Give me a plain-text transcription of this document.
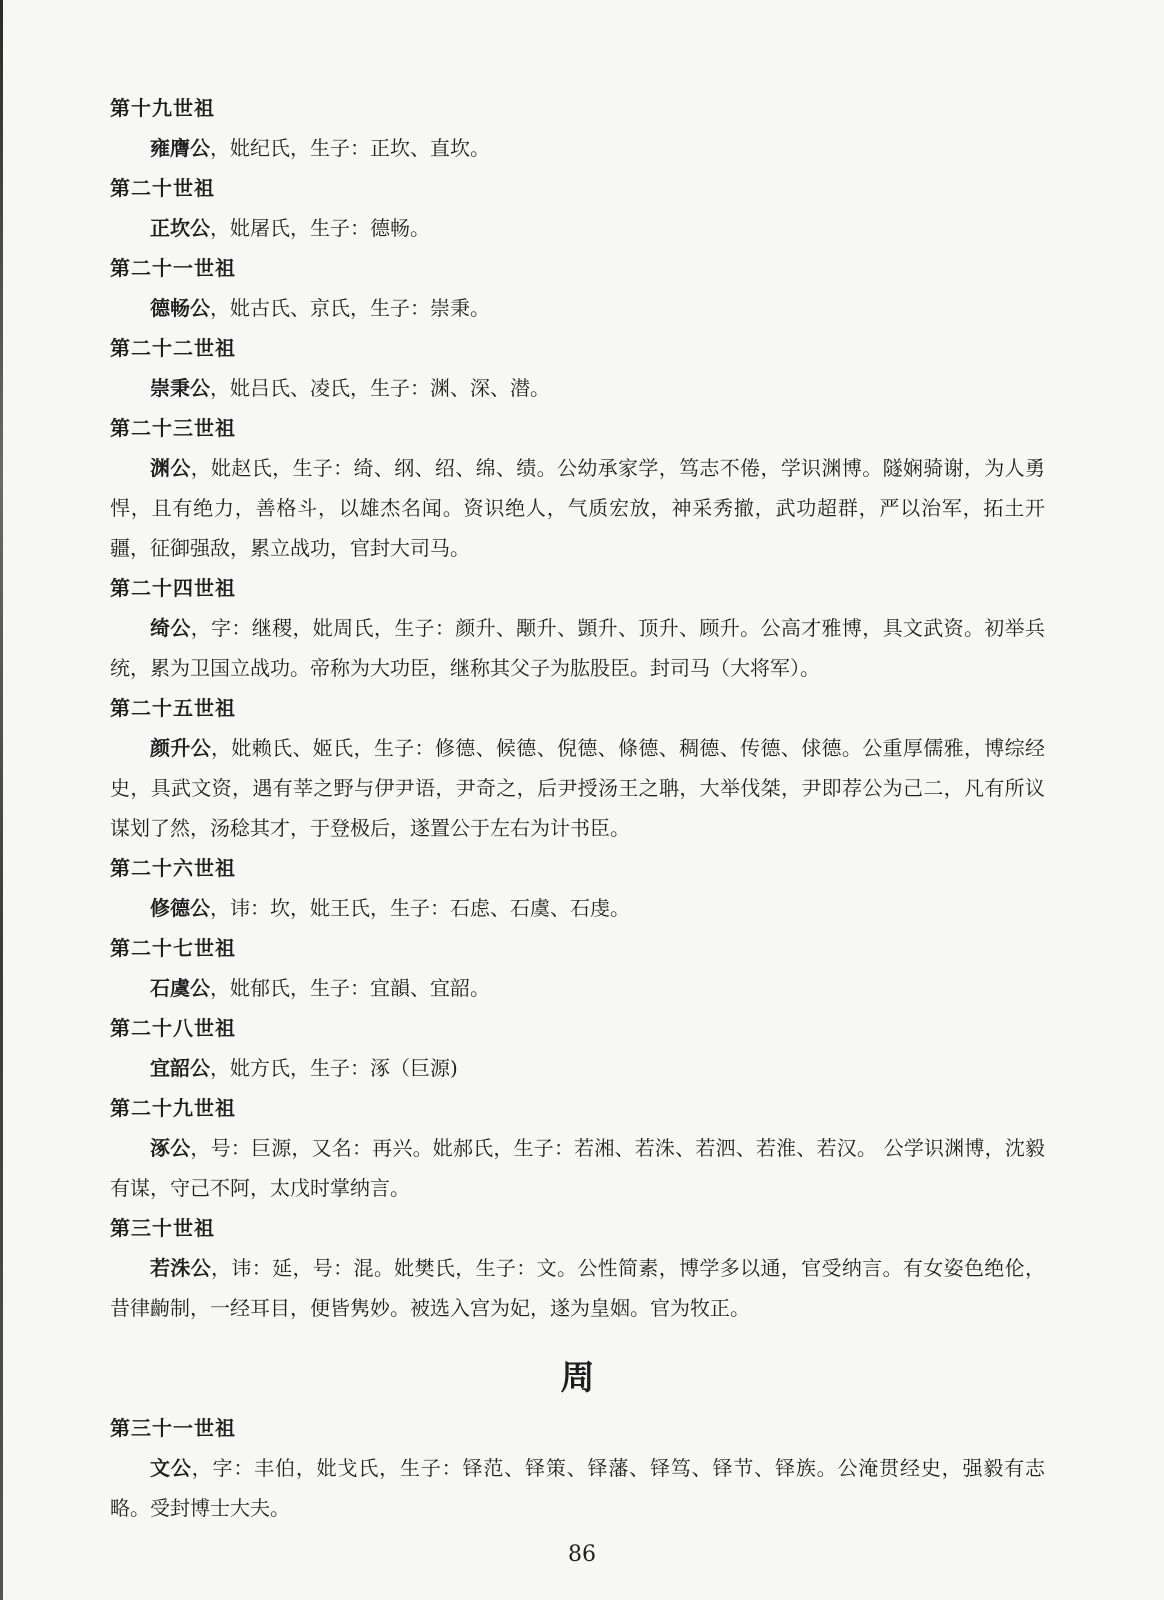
第十九世祖

雍膺公，妣纪氏，生子：正坎、直坎。

第二十世祖

正坎公，妣屠氏，生子：德畅。

第二十一世祖

德畅公，妣古氏、京氏，生子：崇秉。

第二十二世祖

崇秉公，妣吕氏、凌氏，生子：渊、深、潜。

第二十三世祖

渊公，妣赵氏，生子：绮、纲、绍、绵、绩。公幼承家学，笃志不倦，学识渊博。隧娴骑谢，为人勇悍，且有绝力，善格斗，以雄杰名闻。资识绝人，气质宏放，神采秀撤，武功超群，严以治军，拓土开疆，征御强敌，累立战功，官封大司马。

第二十四世祖

绮公，字：继稷，妣周氏，生子：颜升、颙升、顗升、顶升、顾升。公高才雅博，具文武资。初举兵统，累为卫国立战功。帝称为大功臣，继称其父子为肱股臣。封司马（大将军）。

第二十五世祖

颜升公，妣赖氏、姬氏，生子：修德、候德、倪德、條德、稠德、传德、俅德。公重厚儒雅，博综经史，具武文资，遇有莘之野与伊尹语，尹奇之，后尹授汤王之聃，大举伐桀，尹即荐公为己二，凡有所议谋划了然，汤稔其才，于登极后，遂置公于左右为计书臣。

第二十六世祖

修德公，讳：坎，妣王氏，生子：石虑、石虞、石虔。

第二十七世祖

石虞公，妣郁氏，生子：宜韻、宜韶。

第二十八世祖

宜韶公，妣方氏，生子：涿（巨源)

第二十九世祖

涿公，号：巨源，又名：再兴。妣郝氏，生子：若湘、若洙、若泗、若淮、若汉。 公学识渊博，沈毅有谋，守己不阿，太戊时掌纳言。

第三十世祖

若洙公，讳：延，号：混。妣樊氏，生子：文。公性简素，博学多以通，官受纳言。有女姿色绝伦，昔律齣制，一经耳目，便皆隽妙。被选入宫为妃，遂为皇姻。官为牧正。

周
第三十一世祖

文公，字：丰伯，妣戈氏，生子：铎范、铎策、铎藩、铎笃、铎节、铎族。公淹贯经史，强毅有志略。受封博士大夫。

86
